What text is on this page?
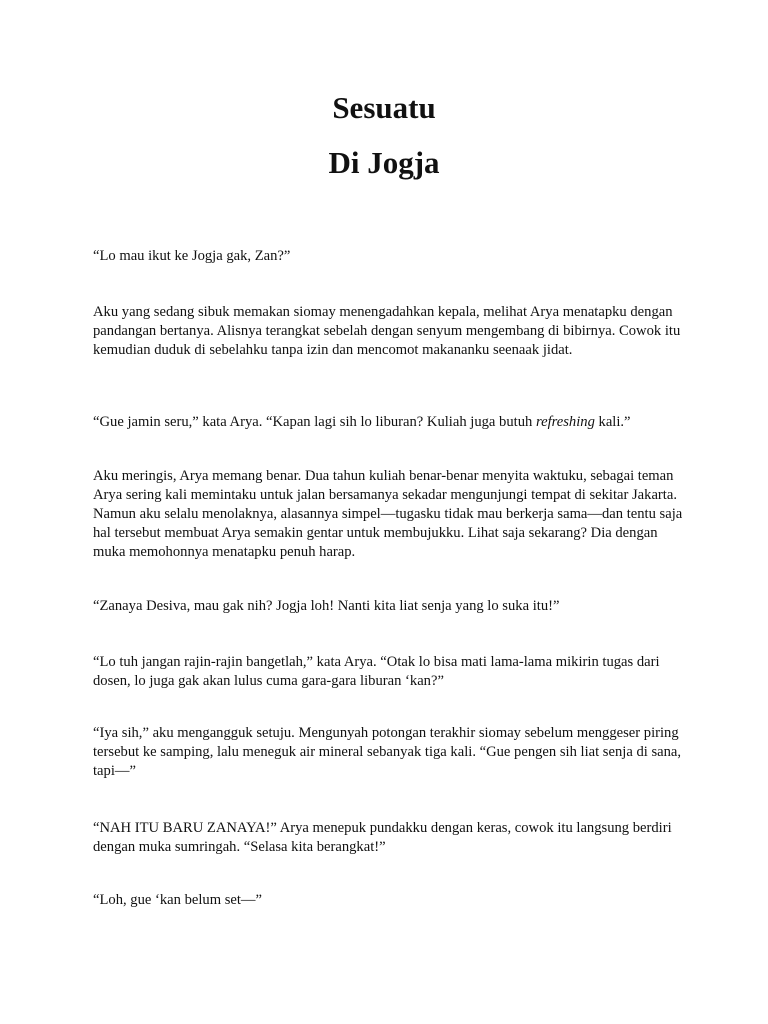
Sesuatu
Di Jogja

“Lo mau ikut ke Jogja gak, Zan?”

Aku yang sedang sibuk memakan siomay menengadahkan kepala, melihat Arya menatapku dengan pandangan bertanya. Alisnya terangkat sebelah dengan senyum mengembang di bibirnya. Cowok itu kemudian duduk di sebelahku tanpa izin dan mencomot makananku seenaak jidat.

“Gue jamin seru,” kata Arya. “Kapan lagi sih lo liburan? Kuliah juga butuh refreshing kali.”

Aku meringis, Arya memang benar. Dua tahun kuliah benar-benar menyita waktuku, sebagai teman Arya sering kali memintaku untuk jalan bersamanya sekadar mengunjungi tempat di sekitar Jakarta. Namun aku selalu menolaknya, alasannya simpel—tugasku tidak mau berkerja sama—dan tentu saja hal tersebut membuat Arya semakin gentar untuk membujukku. Lihat saja sekarang? Dia dengan muka memohonnya menatapku penuh harap.

“Zanaya Desiva, mau gak nih? Jogja loh! Nanti kita liat senja yang lo suka itu!”

“Lo tuh jangan rajin-rajin bangetlah,” kata Arya. “Otak lo bisa mati lama-lama mikirin tugas dari dosen, lo juga gak akan lulus cuma gara-gara liburan ‘kan?”

“Iya sih,” aku mengangguk setuju. Mengunyah potongan terakhir siomay sebelum menggeser piring tersebut ke samping, lalu meneguk air mineral sebanyak tiga kali. “Gue pengen sih liat senja di sana, tapi—”

“NAH ITU BARU ZANAYA!” Arya menepuk pundakku dengan keras, cowok itu langsung berdiri dengan muka sumringah. “Selasa kita berangkat!”

“Loh, gue ‘kan belum set—”
